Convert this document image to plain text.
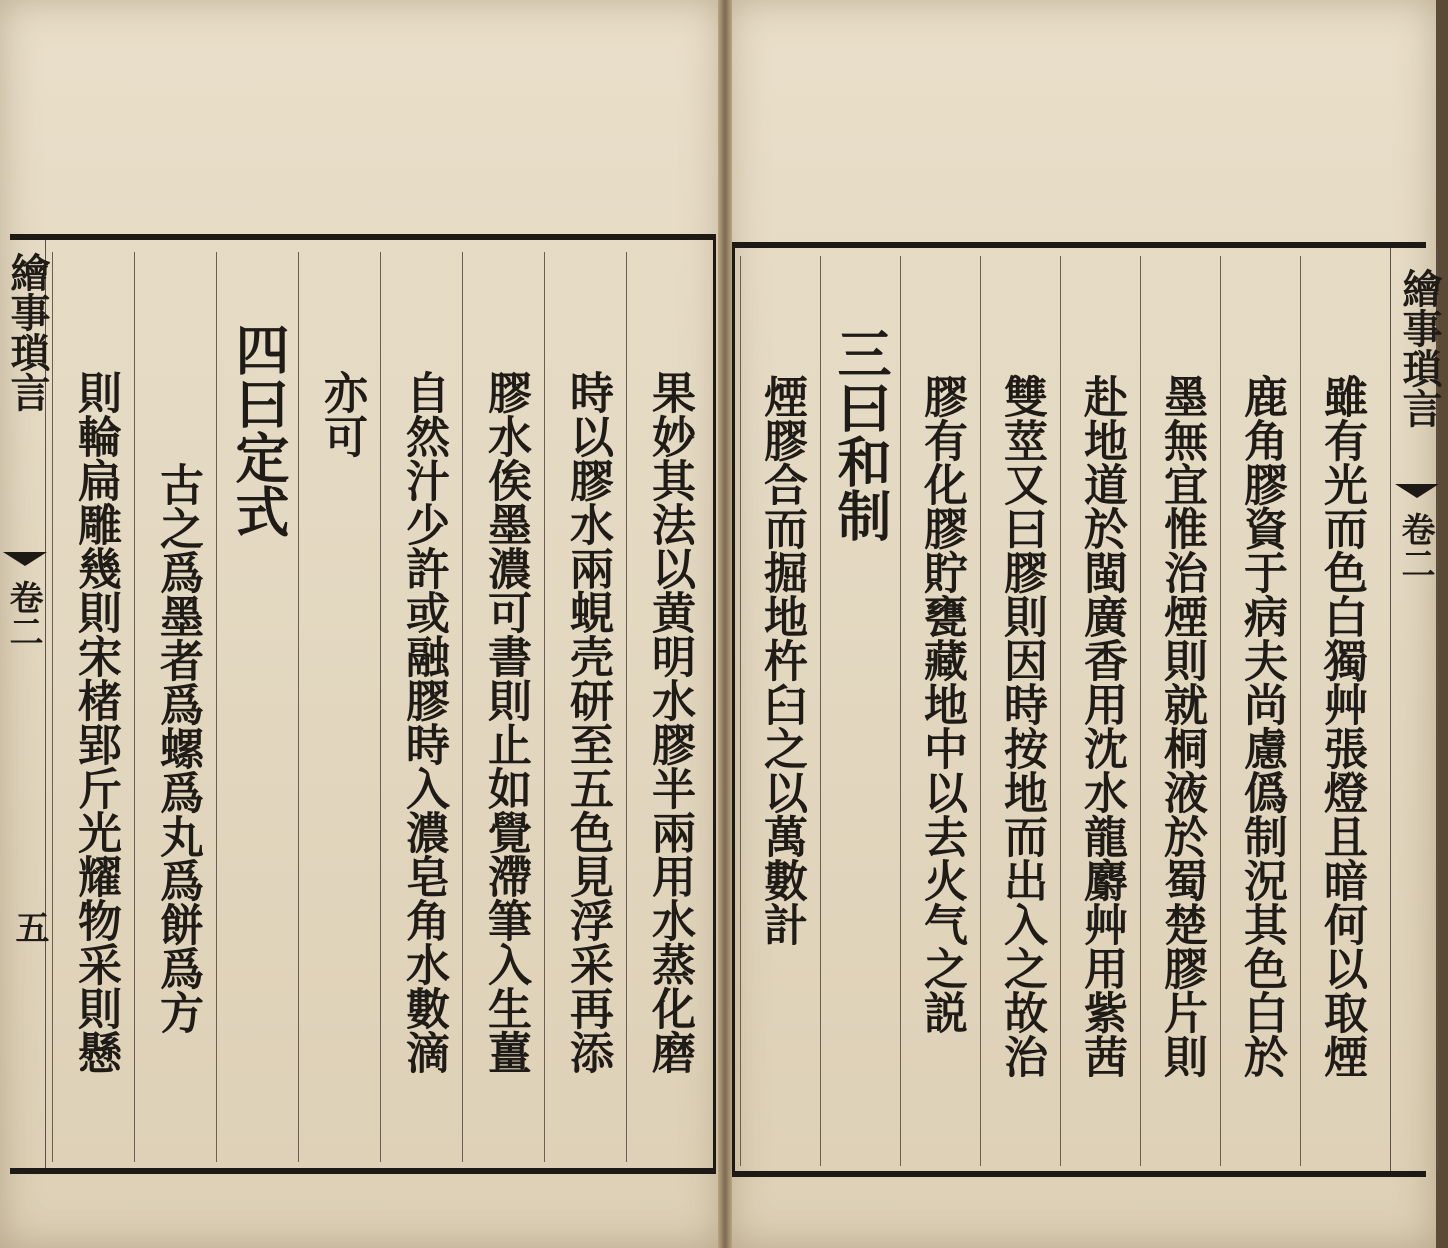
繪事瑣言
卷二
五
繪事瑣言
卷二
果妙其法以黄明水膠半兩用水蒸化磨
時以膠水兩蜆壳研至五色見浮采再添
膠水俟墨濃可書則止如覺滯筆入生薑
自然汁少許或融膠時入濃皂角水數滴
亦可
四曰定式
古之爲墨者爲螺爲丸爲餅爲方
則輪扁雕幾則宋楮郢斤光耀物采則懸	雖有光而色白獨艸張燈且暗何以取煙
鹿角膠資于病夫尚慮僞制況其色白於
墨無宜惟治煙則就桐液於蜀楚膠片則
赴地道於閩廣香用沈水龍麝艸用紫茜
雙莖又曰膠則因時按地而出入之故治
膠有化膠貯甕藏地中以去火气之説
三曰和制
煙膠合而掘地杵臼之以萬數計
